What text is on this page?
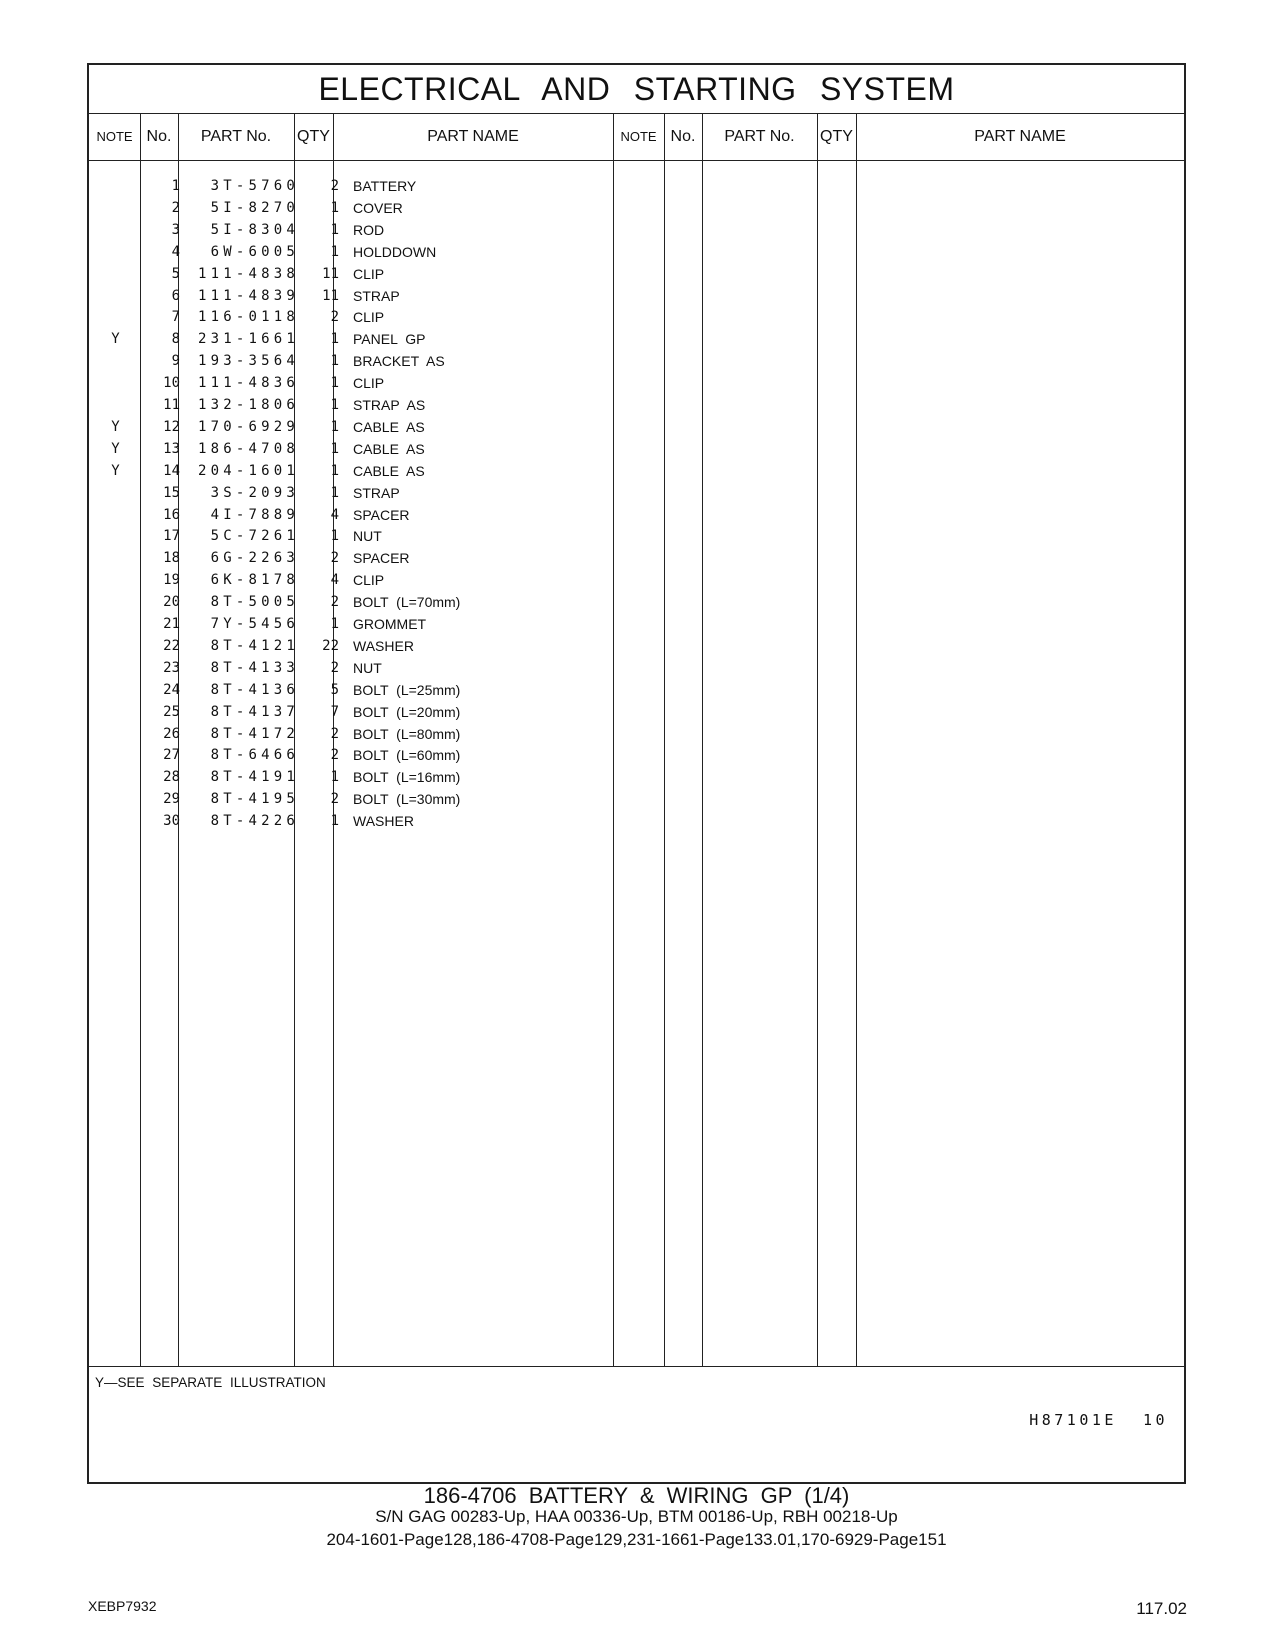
ELECTRICAL AND STARTING SYSTEM
NOTE No.	PART No.	QTY	PART NAME	NOTE No.	PART No.	QTY	PART NAME
1	3T-5760	2 BATTERY
2	5I-8270	1 COVER
3	5I-8304	1 ROD
4	6W-6005	1 HOLDDOWN
5	111-4838	11 CLIP
6	111-4839	11 STRAP
7	116-0118	2 CLIP
Y	8	231-1661	1 PANEL GP
9	193-3564	1 BRACKET AS
10	111-4836	1 CLIP
11	132-1806	1 STRAP AS
Y	12	170-6929	1 CABLE AS
Y	13	186-4708	1 CABLE AS
Y	14	204-1601	1 CABLE AS
15	3S-2093	1 STRAP
16	4I-7889	4 SPACER
17	5C-7261	1 NUT
18	6G-2263	2 SPACER
19	6K-8178	4 CLIP
20	8T-5005	2 BOLT (L=70mm)
21	7Y-5456	1 GROMMET
22	8T-4121	22 WASHER
23	8T-4133	2 NUT
24	8T-4136	5 BOLT (L=25mm)
25	8T-4137	7 BOLT (L=20mm)
26	8T-4172	2 BOLT (L=80mm)
27	8T-6466	2 BOLT (L=60mm)
28	8T-4191	1 BOLT (L=16mm)
29	8T-4195	2 BOLT (L=30mm)
30	8T-4226	1 WASHER
Y—SEE SEPARATE ILLUSTRATION
H87101E 10
186-4706 BATTERY & WIRING GP (1/4)
S/N GAG 00283-Up, HAA 00336-Up, BTM 00186-Up, RBH 00218-Up
204-1601-Page128,186-4708-Page129,231-1661-Page133.01,170-6929-Page151
XEBP7932	117.02
